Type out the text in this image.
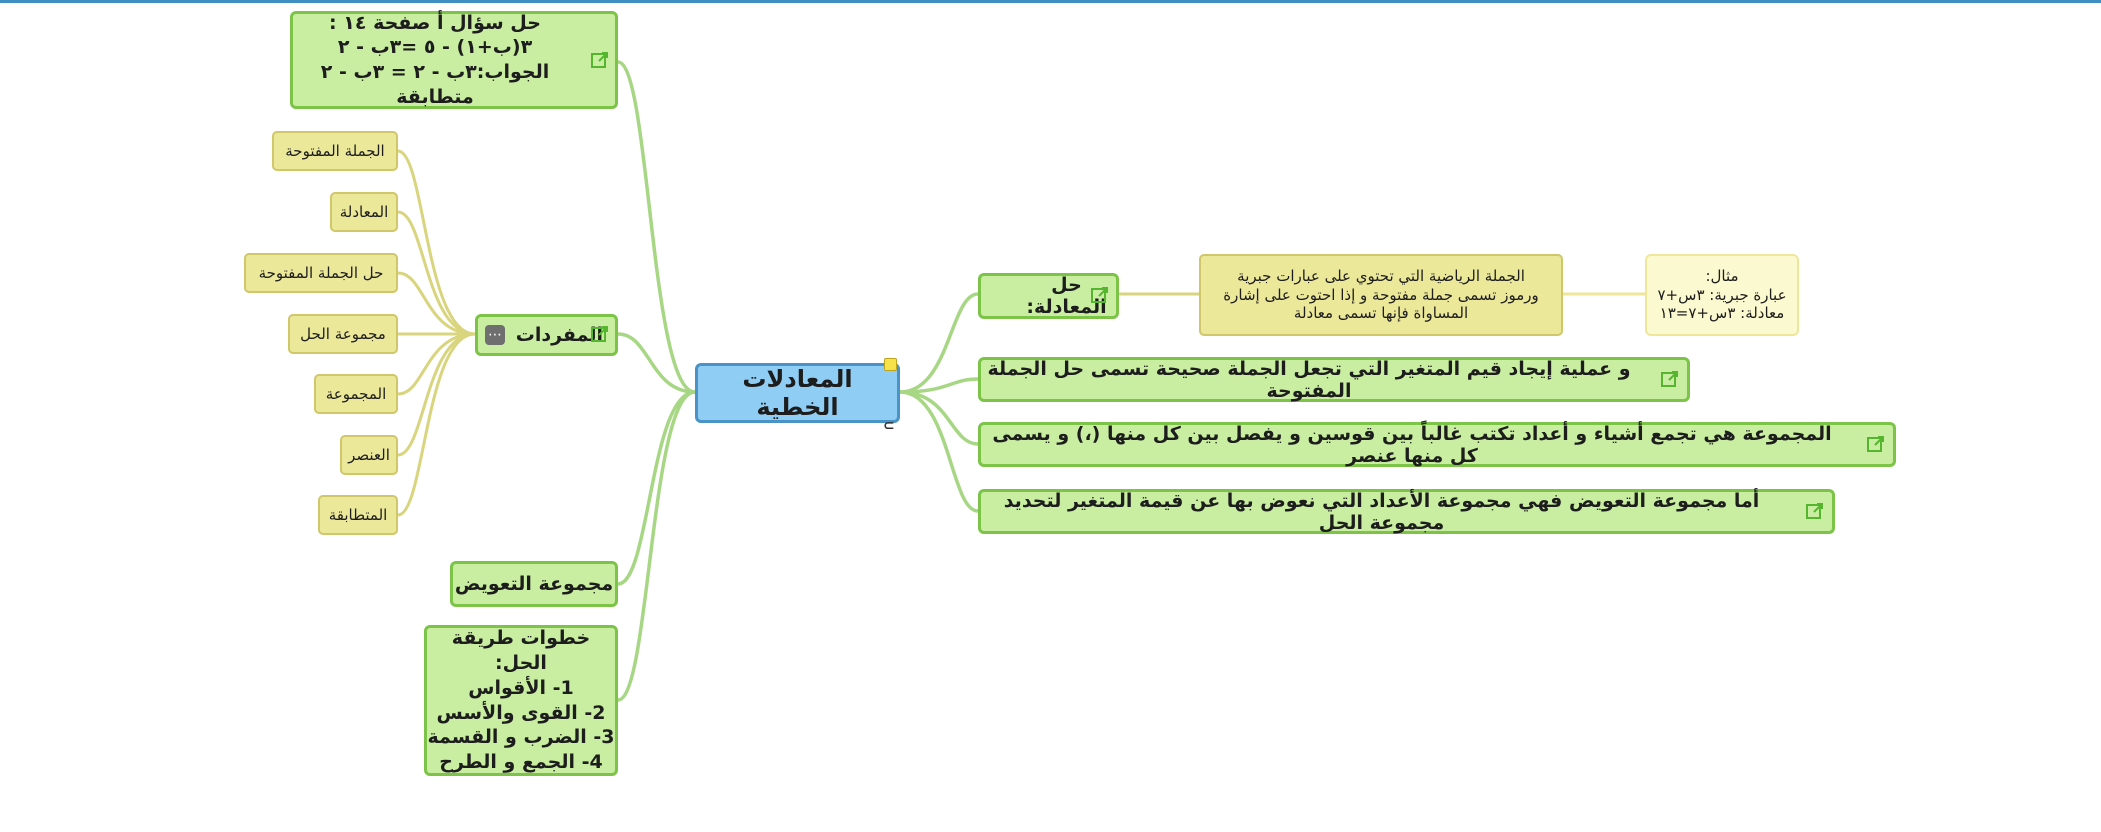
المعادلات الخطية
⊂
حل سؤال أ صفحة ١٤ :
٣(ب+١) - ٥ =٣ب - ٢
الجواب:٣ب - ٢ = ٣ب - ٢ متطابقة
المفردات
⋯
الجملة المفتوحة
المعادلة
حل الجملة المفتوحة
مجموعة الحل
المجموعة
العنصر
المتطابقة
مجموعة التعويض
خطوات طريقة الحل:
1- الأقواس
2- القوى والأسس
3- الضرب و القسمة
4- الجمع و الطرح
حل المعادلة:
الجملة الرياضية التي تحتوي على عبارات جبرية
ورموز تسمى جملة مفتوحة و إذا احتوت على إشارة
المساواة فإنها تسمى معادلة
مثال:
عبارة جبرية: ٣س+٧
معادلة: ٣س+٧=١٣
و عملية إيجاد قيم المتغير التي تجعل الجملة صحيحة تسمى حل الجملة المفتوحة
المجموعة هي تجمع أشياء و أعداد تكتب غالباً بين قوسين و يفصل بين كل منها (،) و يسمى كل منها عنصر
أما مجموعة التعويض فهي مجموعة الأعداد التي نعوض بها عن قيمة المتغير لتحديد مجموعة الحل
